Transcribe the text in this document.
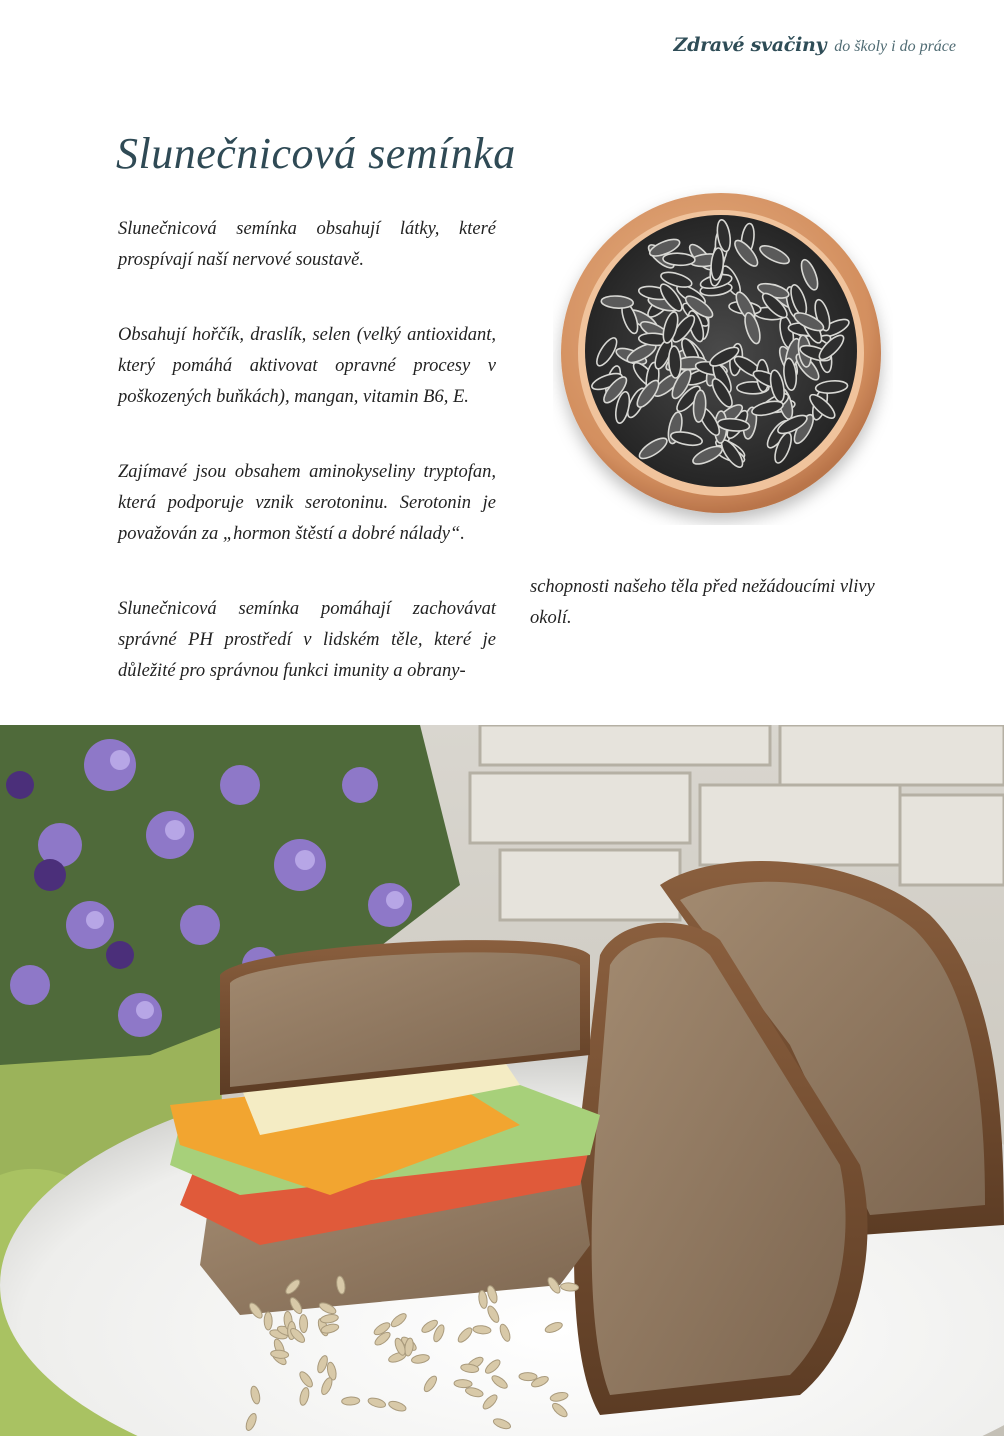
Zdravé svačiny do školy i do práce
Slunečnicová semínka

Slunečnicová semínka obsahují látky, které prospívají naší nervové soustavě.

Obsahují hořčík, draslík, selen (velký antioxidant, který pomáhá aktivovat opravné procesy v poškozených buňkách), mangan, vitamin B6, E.

Zajímavé jsou obsahem aminokyseliny tryptofan, která podporuje vznik serotoninu. Serotonin je považován za „hormon štěstí a dobré nálady“.

Slunečnicová semínka pomáhají zachovávat správné PH prostředí v lidském těle, které je důležité pro správnou funkci imunity a obrany-

schopnosti našeho těla před nežádoucími vlivy okolí.
